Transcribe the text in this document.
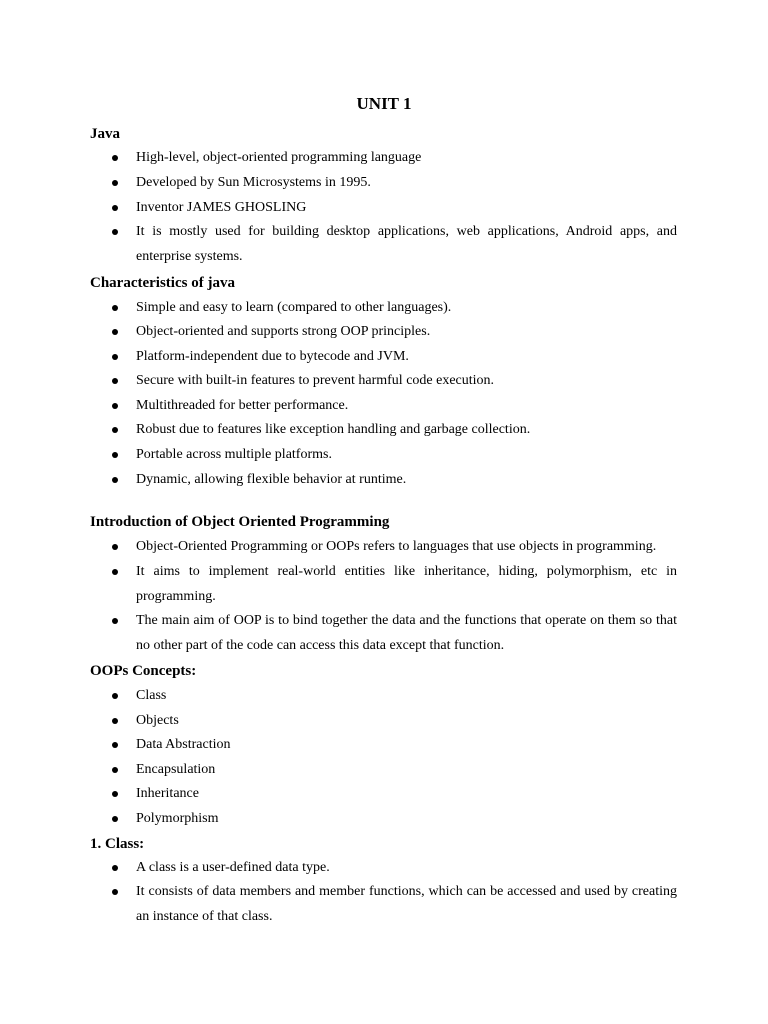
UNIT 1
Java
High-level, object-oriented programming language
Developed by Sun Microsystems in 1995.
Inventor JAMES GHOSLING
It is mostly used for building desktop applications, web applications, Android apps, and enterprise systems.
Characteristics of java
Simple and easy to learn (compared to other languages).
Object-oriented and supports strong OOP principles.
Platform-independent due to bytecode and JVM.
Secure with built-in features to prevent harmful code execution.
Multithreaded for better performance.
Robust due to features like exception handling and garbage collection.
Portable across multiple platforms.
Dynamic, allowing flexible behavior at runtime.
Introduction of Object Oriented Programming
Object-Oriented Programming or OOPs refers to languages that use objects in programming.
It aims to implement real-world entities like inheritance, hiding, polymorphism, etc in programming.
The main aim of OOP is to bind together the data and the functions that operate on them so that no other part of the code can access this data except that function.
OOPs Concepts:
Class
Objects
Data Abstraction
Encapsulation
Inheritance
Polymorphism
1. Class:
A class is a user-defined data type.
It consists of data members and member functions, which can be accessed and used by creating an instance of that class.
